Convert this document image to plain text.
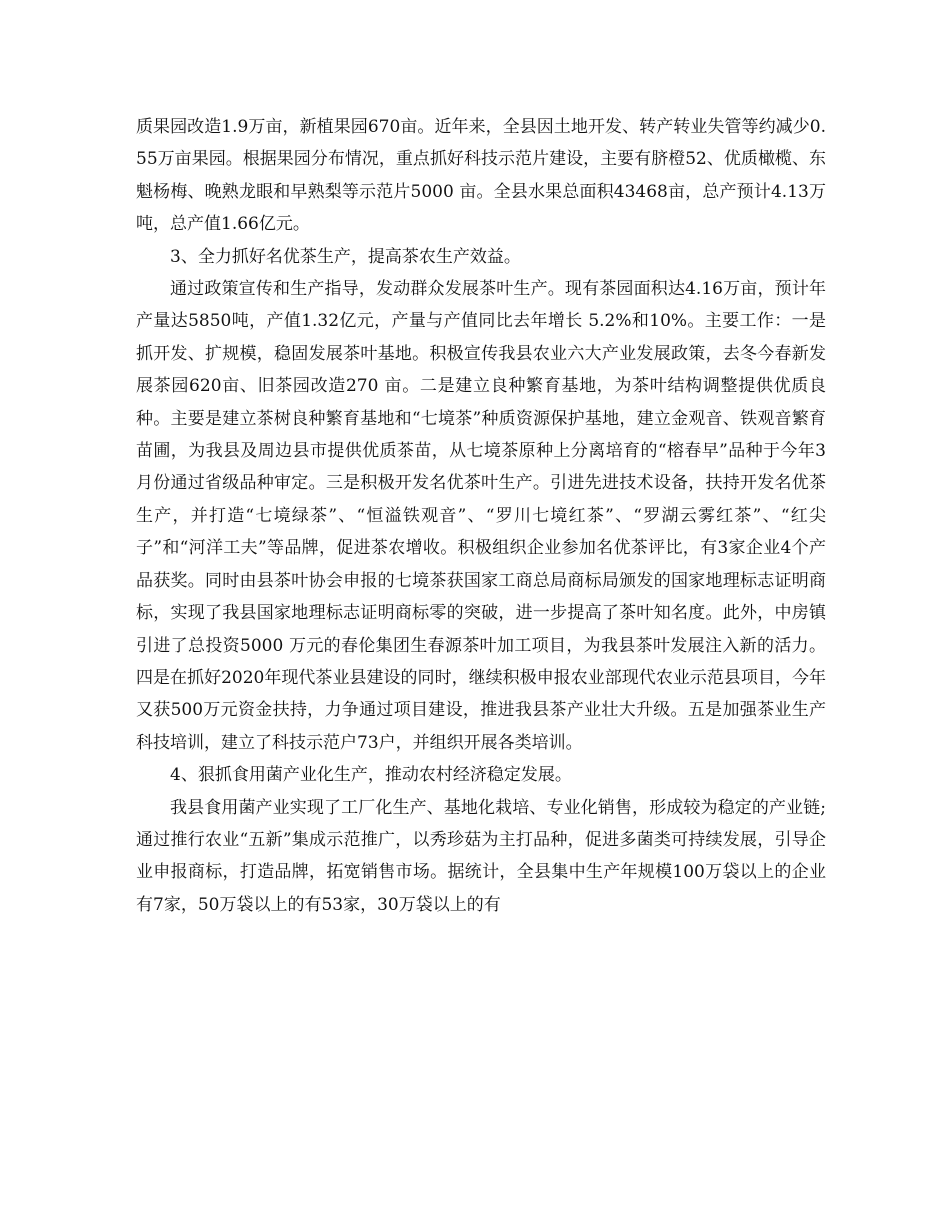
质果园改造1.9万亩，新植果园670亩。近年来，全县因土地开发、转产转业失管等约减少0.55万亩果园。根据果园分布情况，重点抓好科技示范片建设，主要有脐橙52、优质橄榄、东魁杨梅、晚熟龙眼和早熟梨等示范片5000 亩。全县水果总面积43468亩，总产预计4.13万吨，总产值1.66亿元。

3、全力抓好名优茶生产，提高茶农生产效益。

通过政策宣传和生产指导，发动群众发展茶叶生产。现有茶园面积达4.16万亩，预计年产量达5850吨，产值1.32亿元，产量与产值同比去年增长 5.2%和10%。主要工作：一是抓开发、扩规模，稳固发展茶叶基地。积极宣传我县农业六大产业发展政策，去冬今春新发展茶园620亩、旧茶园改造270 亩。二是建立良种繁育基地，为茶叶结构调整提供优质良种。主要是建立茶树良种繁育基地和“七境茶”种质资源保护基地，建立金观音、铁观音繁育苗圃，为我县及周边县市提供优质茶苗，从七境茶原种上分离培育的“榕春早”品种于今年3月份通过省级品种审定。三是积极开发名优茶叶生产。引进先进技术设备，扶持开发名优茶生产，并打造“七境绿茶”、“恒溢铁观音”、“罗川七境红茶”、“罗湖云雾红茶”、“红尖子”和“河洋工夫”等品牌，促进茶农增收。积极组织企业参加名优茶评比，有3家企业4个产品获奖。同时由县茶叶协会申报的七境茶获国家工商总局商标局颁发的国家地理标志证明商标，实现了我县国家地理标志证明商标零的突破，进一步提高了茶叶知名度。此外，中房镇引进了总投资5000 万元的春伦集团生春源茶叶加工项目，为我县茶叶发展注入新的活力。四是在抓好2020年现代茶业县建设的同时，继续积极申报农业部现代农业示范县项目，今年又获500万元资金扶持，力争通过项目建设，推进我县茶产业壮大升级。五是加强茶业生产科技培训，建立了科技示范户73户，并组织开展各类培训。

4、狠抓食用菌产业化生产，推动农村经济稳定发展。

我县食用菌产业实现了工厂化生产、基地化栽培、专业化销售，形成较为稳定的产业链;通过推行农业“五新”集成示范推广，以秀珍菇为主打品种，促进多菌类可持续发展，引导企业申报商标，打造品牌，拓宽销售市场。据统计，全县集中生产年规模100万袋以上的企业有7家，50万袋以上的有53家，30万袋以上的有
